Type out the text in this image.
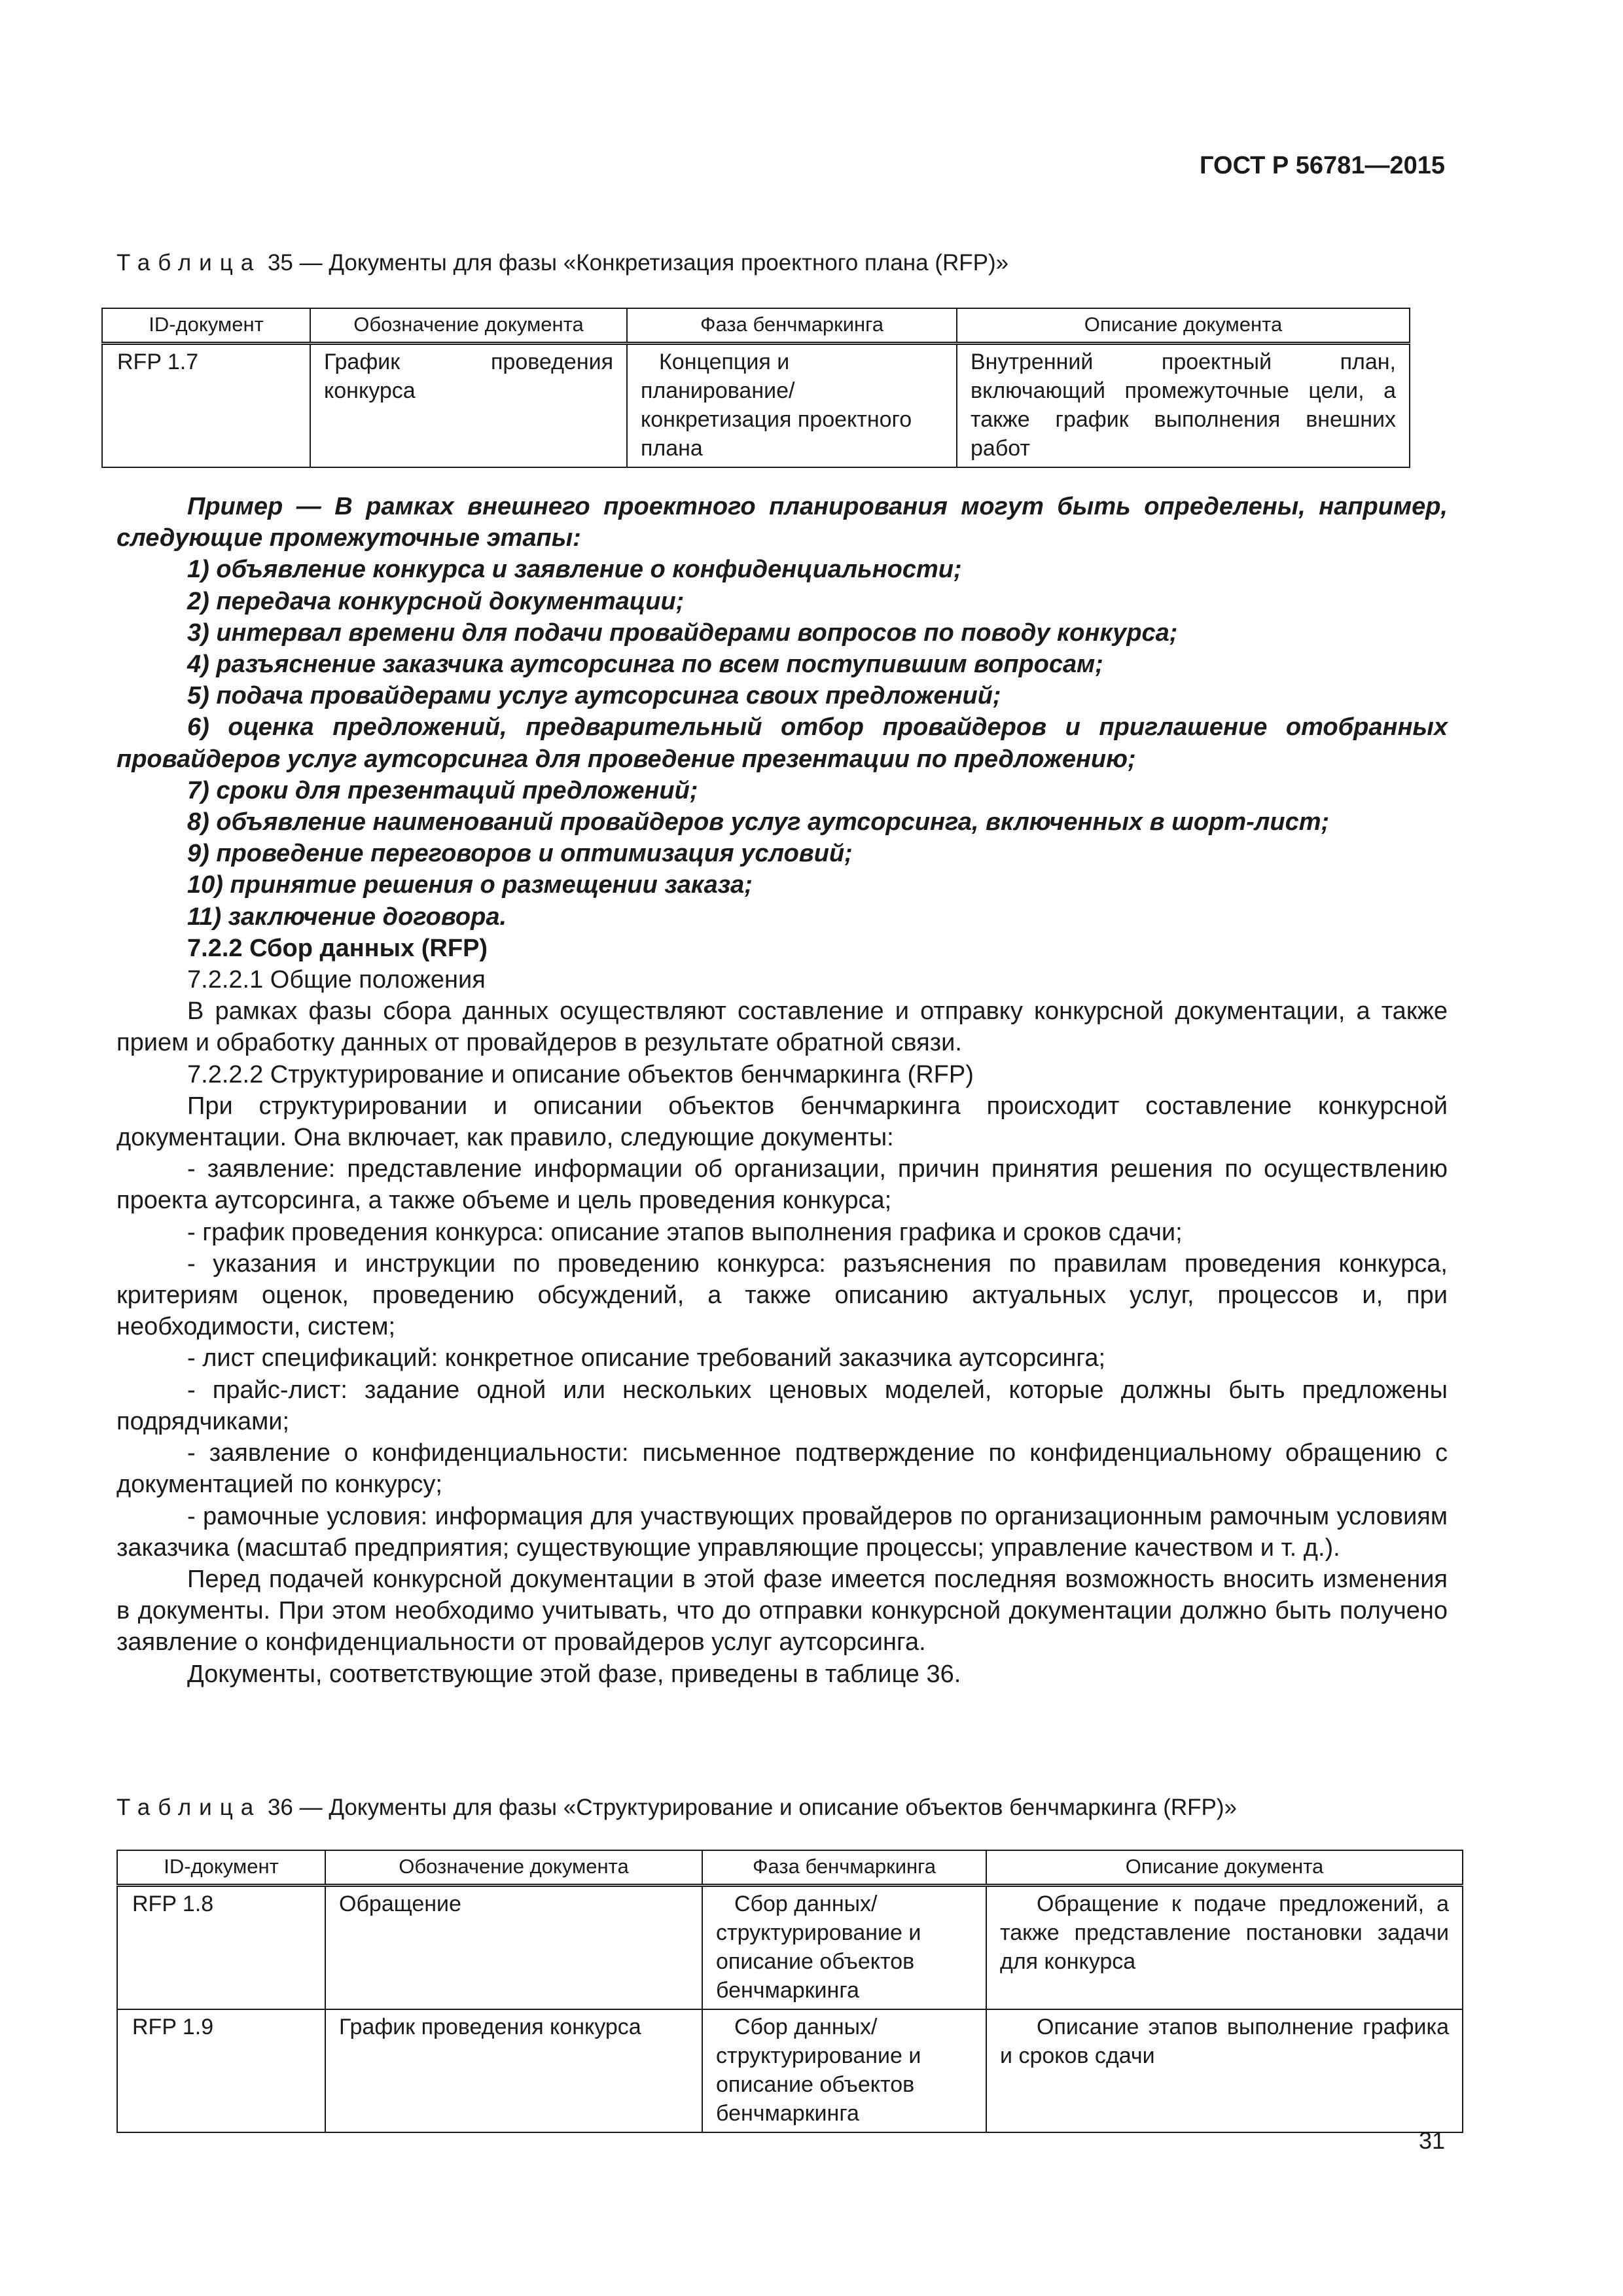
ГОСТ Р 56781—2015
Таблица 35 — Документы для фазы «Конкретизация проектного плана (RFP)»
ID-документ	Обозначение документа	Фаза бенчмаркинга	Описание документа
RFP 1.7	График проведения конкурса	Концепция и планирование/ конкретизация проектного плана	Внутренний проектный план, включающий промежуточные цели, а также график выполнения внешних работ

Пример — В рамках внешнего проектного планирования могут быть определены, например, следующие промежуточные этапы:

1) объявление конкурса и заявление о конфиденциальности;

2) передача конкурсной документации;

3) интервал времени для подачи провайдерами вопросов по поводу конкурса;

4) разъяснение заказчика аутсорсинга по всем поступившим вопросам;

5) подача провайдерами услуг аутсорсинга своих предложений;

6) оценка предложений, предварительный отбор провайдеров и приглашение отобранных провайдеров услуг аутсорсинга для проведение презентации по предложению;

7) сроки для презентаций предложений;

8) объявление наименований провайдеров услуг аутсорсинга, включенных в шорт-лист;

9) проведение переговоров и оптимизация условий;

10) принятие решения о размещении заказа;

11) заключение договора.

7.2.2 Сбор данных (RFP)

7.2.2.1 Общие положения

В рамках фазы сбора данных осуществляют составление и отправку конкурсной документации, а также прием и обработку данных от провайдеров в результате обратной связи.

7.2.2.2 Структурирование и описание объектов бенчмаркинга (RFP)

При структурировании и описании объектов бенчмаркинга происходит составление конкурсной документации. Она включает, как правило, следующие документы:

- заявление: представление информации об организации, причин принятия решения по осуществлению проекта аутсорсинга, а также объеме и цель проведения конкурса;

- график проведения конкурса: описание этапов выполнения графика и сроков сдачи;

- указания и инструкции по проведению конкурса: разъяснения по правилам проведения конкурса, критериям оценок, проведению обсуждений, а также описанию актуальных услуг, процессов и, при необходимости, систем;

- лист спецификаций: конкретное описание требований заказчика аутсорсинга;

- прайс-лист: задание одной или нескольких ценовых моделей, которые должны быть предложены подрядчиками;

- заявление о конфиденциальности: письменное подтверждение по конфиденциальному обращению с документацией по конкурсу;

- рамочные условия: информация для участвующих провайдеров по организационным рамочным условиям заказчика (масштаб предприятия; существующие управляющие процессы; управление качеством и т. д.).

Перед подачей конкурсной документации в этой фазе имеется последняя возможность вносить изменения в документы. При этом необходимо учитывать, что до отправки конкурсной документации должно быть получено заявление о конфиденциальности от провайдеров услуг аутсорсинга.

Документы, соответствующие этой фазе, приведены в таблице 36.

Таблица 36 — Документы для фазы «Структурирование и описание объектов бенчмаркинга (RFP)»
ID-документ	Обозначение документа	Фаза бенчмаркинга	Описание документа
RFP 1.8	Обращение	Сбор данных/ структурирование и описание объектов бенчмаркинга	Обращение к подаче предложений, а также представление постановки задачи для конкурса
RFP 1.9	График проведения конкурса	Сбор данных/ структурирование и описание объектов бенчмаркинга	Описание этапов выполнение графика и сроков сдачи
31
